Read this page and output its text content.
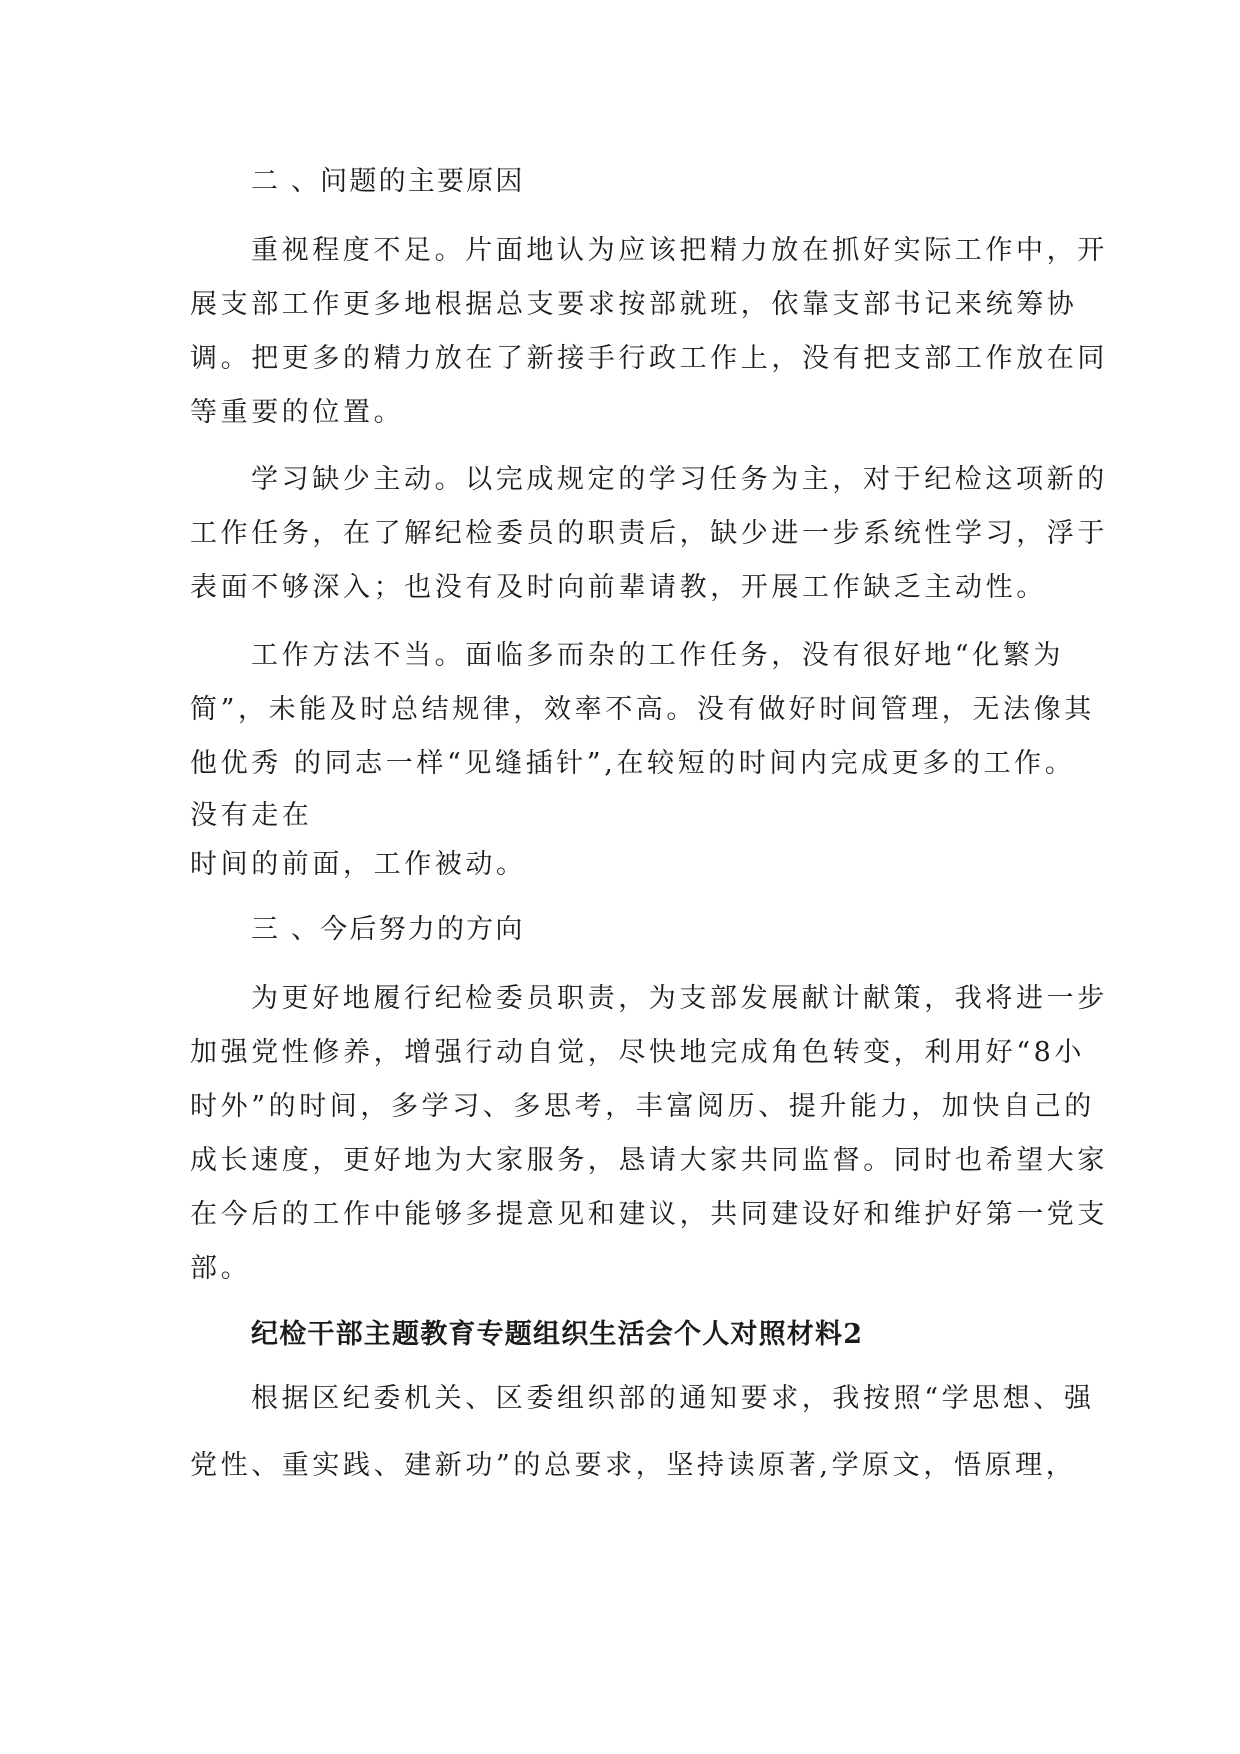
二 、问题的主要原因
重视程度不足。片面地认为应该把精力放在抓好实际工作中，开
展支部工作更多地根据总支要求按部就班，依靠支部书记来统筹协
调。把更多的精力放在了新接手行政工作上，没有把支部工作放在同
等重要的位置。
学习缺少主动。以完成规定的学习任务为主，对于纪检这项新的
工作任务，在了解纪检委员的职责后，缺少进一步系统性学习，浮于
表面不够深入；也没有及时向前辈请教，开展工作缺乏主动性。
工作方法不当。面临多而杂的工作任务，没有很好地“化繁为
简”，未能及时总结规律，效率不高。没有做好时间管理，无法像其
他优秀 的同志一样“见缝插针”,在较短的时间内完成更多的工作。
没有走在
时间的前面，工作被动。
三 、今后努力的方向
为更好地履行纪检委员职责，为支部发展献计献策，我将进一步
加强党性修养，增强行动自觉，尽快地完成角色转变，利用好“8小
时外”的时间，多学习、多思考，丰富阅历、提升能力，加快自己的
成长速度，更好地为大家服务，恳请大家共同监督。同时也希望大家
在今后的工作中能够多提意见和建议，共同建设好和维护好第一党支
部。
纪检干部主题教育专题组织生活会个人对照材料2
根据区纪委机关、区委组织部的通知要求，我按照“学思想、强
党性、重实践、建新功”的总要求，坚持读原著,学原文，悟原理，
